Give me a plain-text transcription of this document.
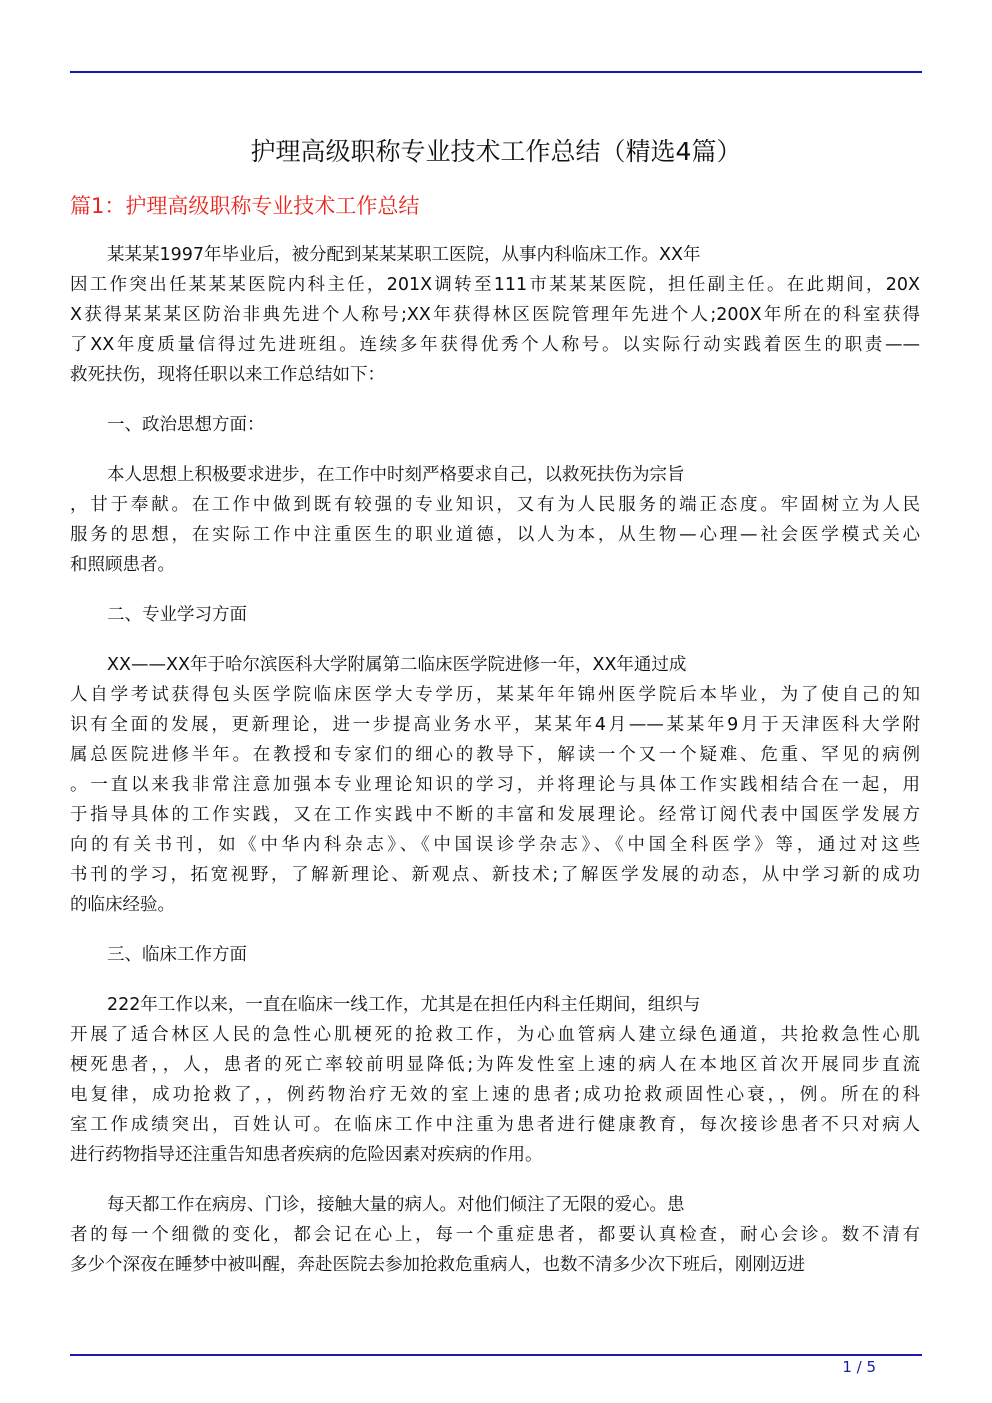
护理高级职称专业技术工作总结（精选4篇）
篇1：护理高级职称专业技术工作总结
某某某1997年毕业后，被分配到某某某职工医院，从事内科临床工作。XX年
因工作突出任某某某医院内科主任，201X调转至111市某某某医院，担任副主任。在此期间，20X
X获得某某某区防治非典先进个人称号;XX年获得林区医院管理年先进个人;200X年所在的科室获得
了XX年度质量信得过先进班组。连续多年获得优秀个人称号。以实际行动实践着医生的职责——
救死扶伤，现将任职以来工作总结如下：
一、政治思想方面：
本人思想上积极要求进步，在工作中时刻严格要求自己，以救死扶伤为宗旨
，甘于奉献。在工作中做到既有较强的专业知识，又有为人民服务的端正态度。牢固树立为人民
服务的思想，在实际工作中注重医生的职业道德，以人为本，从生物—心理—社会医学模式关心
和照顾患者。
二、专业学习方面
XX——XX年于哈尔滨医科大学附属第二临床医学院进修一年，XX年通过成
人自学考试获得包头医学院临床医学大专学历，某某年年锦州医学院后本毕业，为了使自己的知
识有全面的发展，更新理论，进一步提高业务水平，某某年4月——某某年9月于天津医科大学附
属总医院进修半年。在教授和专家们的细心的教导下，解读一个又一个疑难、危重、罕见的病例
。一直以来我非常注意加强本专业理论知识的学习，并将理论与具体工作实践相结合在一起，用
于指导具体的工作实践，又在工作实践中不断的丰富和发展理论。经常订阅代表中国医学发展方
向的有关书刊，如《中华内科杂志》、《中国误诊学杂志》、《中国全科医学》等，通过对这些
书刊的学习，拓宽视野，了解新理论、新观点、新技术;了解医学发展的动态，从中学习新的成功
的临床经验。
三、临床工作方面
222年工作以来，一直在临床一线工作，尤其是在担任内科主任期间，组织与
开展了适合林区人民的急性心肌梗死的抢救工作，为心血管病人建立绿色通道，共抢救急性心肌
梗死患者，，人，患者的死亡率较前明显降低;为阵发性室上速的病人在本地区首次开展同步直流
电复律，成功抢救了，，例药物治疗无效的室上速的患者;成功抢救顽固性心衰，，例。所在的科
室工作成绩突出，百姓认可。在临床工作中注重为患者进行健康教育，每次接诊患者不只对病人
进行药物指导还注重告知患者疾病的危险因素对疾病的作用。
每天都工作在病房、门诊，接触大量的病人。对他们倾注了无限的爱心。患
者的每一个细微的变化，都会记在心上，每一个重症患者，都要认真检查，耐心会诊。数不清有
多少个深夜在睡梦中被叫醒，奔赴医院去参加抢救危重病人，也数不清多少次下班后，刚刚迈进
1 / 5
